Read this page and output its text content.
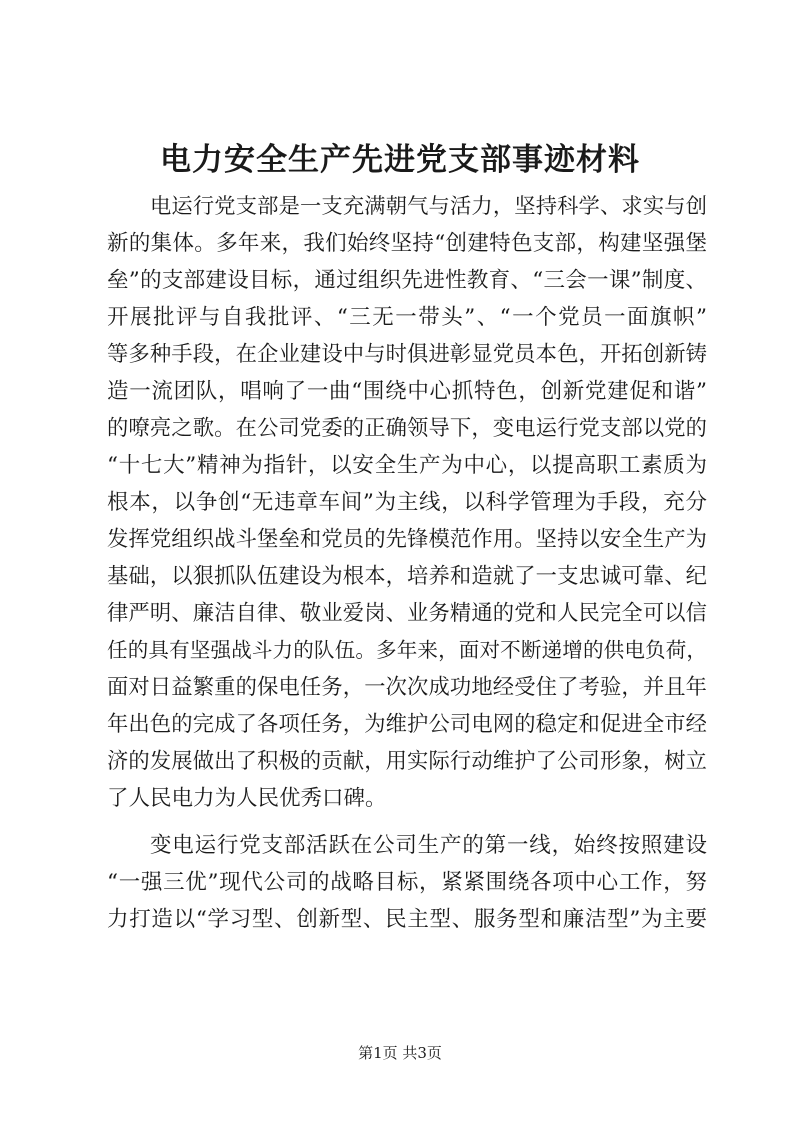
电力安全生产先进党支部事迹材料
电运行党支部是一支充满朝气与活力，坚持科学、求实与创
新的集体。多年来，我们始终坚持“创建特色支部，构建坚强堡
垒”的支部建设目标，通过组织先进性教育、“三会一课”制度、
开展批评与自我批评、“三无一带头”、“一个党员一面旗帜”
等多种手段，在企业建设中与时俱进彰显党员本色，开拓创新铸
造一流团队，唱响了一曲“围绕中心抓特色，创新党建促和谐”
的嘹亮之歌。在公司党委的正确领导下，变电运行党支部以党的
“十七大”精神为指针，以安全生产为中心，以提高职工素质为
根本，以争创“无违章车间”为主线，以科学管理为手段，充分
发挥党组织战斗堡垒和党员的先锋模范作用。坚持以安全生产为
基础，以狠抓队伍建设为根本，培养和造就了一支忠诚可靠、纪
律严明、廉洁自律、敬业爱岗、业务精通的党和人民完全可以信
任的具有坚强战斗力的队伍。多年来，面对不断递增的供电负荷，
面对日益繁重的保电任务，一次次成功地经受住了考验，并且年
年出色的完成了各项任务，为维护公司电网的稳定和促进全市经
济的发展做出了积极的贡献，用实际行动维护了公司形象，树立
了人民电力为人民优秀口碑。
变电运行党支部活跃在公司生产的第一线，始终按照建设
“一强三优”现代公司的战略目标，紧紧围绕各项中心工作，努
力打造以“学习型、创新型、民主型、服务型和廉洁型”为主要
第1页 共3页
